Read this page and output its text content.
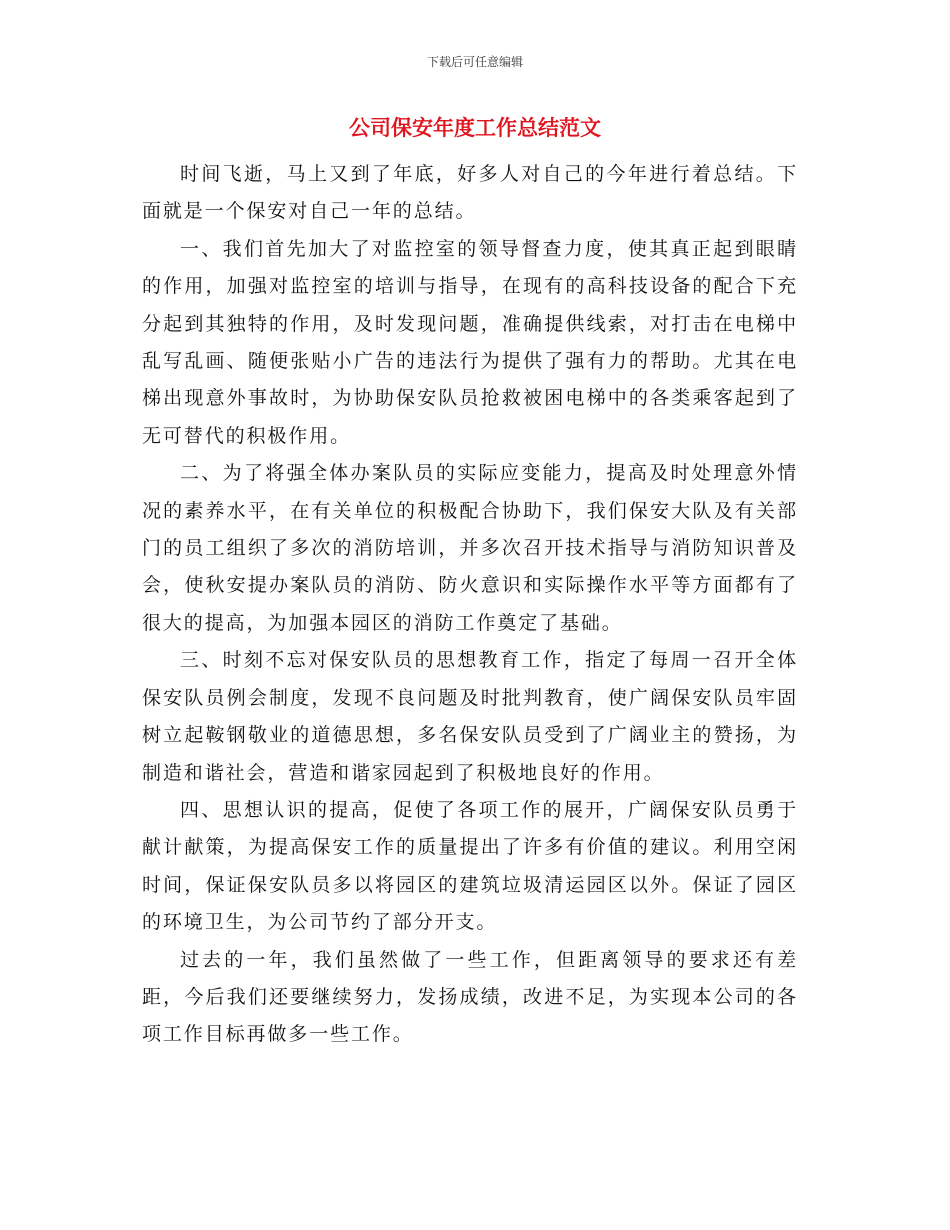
下载后可任意编辑
公司保安年度工作总结范文

时间飞逝，马上又到了年底，好多人对自己的今年进行着总结。下面就是一个保安对自己一年的总结。

一、我们首先加大了对监控室的领导督查力度，使其真正起到眼睛的作用，加强对监控室的培训与指导，在现有的高科技设备的配合下充分起到其独特的作用，及时发现问题，准确提供线索，对打击在电梯中乱写乱画、随便张贴小广告的违法行为提供了强有力的帮助。尤其在电梯出现意外事故时，为协助保安队员抢救被困电梯中的各类乘客起到了无可替代的积极作用。

二、为了将强全体办案队员的实际应变能力，提高及时处理意外情况的素养水平，在有关单位的积极配合协助下，我们保安大队及有关部门的员工组织了多次的消防培训，并多次召开技术指导与消防知识普及会，使秋安提办案队员的消防、防火意识和实际操作水平等方面都有了很大的提高，为加强本园区的消防工作奠定了基础。

三、时刻不忘对保安队员的思想教育工作，指定了每周一召开全体保安队员例会制度，发现不良问题及时批判教育，使广阔保安队员牢固树立起鞍钢敬业的道德思想，多名保安队员受到了广阔业主的赞扬，为制造和谐社会，营造和谐家园起到了积极地良好的作用。

四、思想认识的提高，促使了各项工作的展开，广阔保安队员勇于献计献策，为提高保安工作的质量提出了许多有价值的建议。利用空闲时间，保证保安队员多以将园区的建筑垃圾清运园区以外。保证了园区的环境卫生，为公司节约了部分开支。

过去的一年，我们虽然做了一些工作，但距离领导的要求还有差距，今后我们还要继续努力，发扬成绩，改进不足，为实现本公司的各项工作目标再做多一些工作。
